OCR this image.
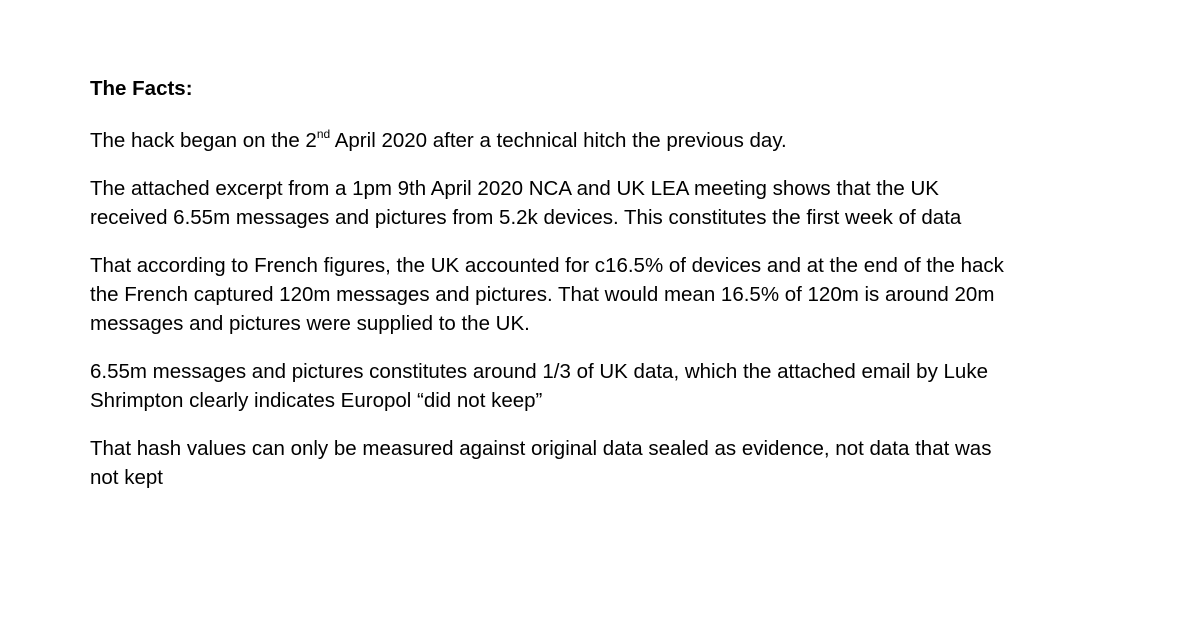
The Facts:
The hack began on the 2nd April 2020 after a technical hitch the previous day.
The attached excerpt from a 1pm 9th April 2020 NCA and UK LEA meeting shows that the UK
received 6.55m messages and pictures from 5.2k devices. This constitutes the first week of data
That according to French figures, the UK accounted for c16.5% of devices and at the end of the hack
the French captured 120m messages and pictures. That would mean 16.5% of 120m is around 20m
messages and pictures were supplied to the UK.
6.55m messages and pictures constitutes around 1/3 of UK data, which the attached email by Luke
Shrimpton clearly indicates Europol “did not keep”
That hash values can only be measured against original data sealed as evidence, not data that was
not kept
